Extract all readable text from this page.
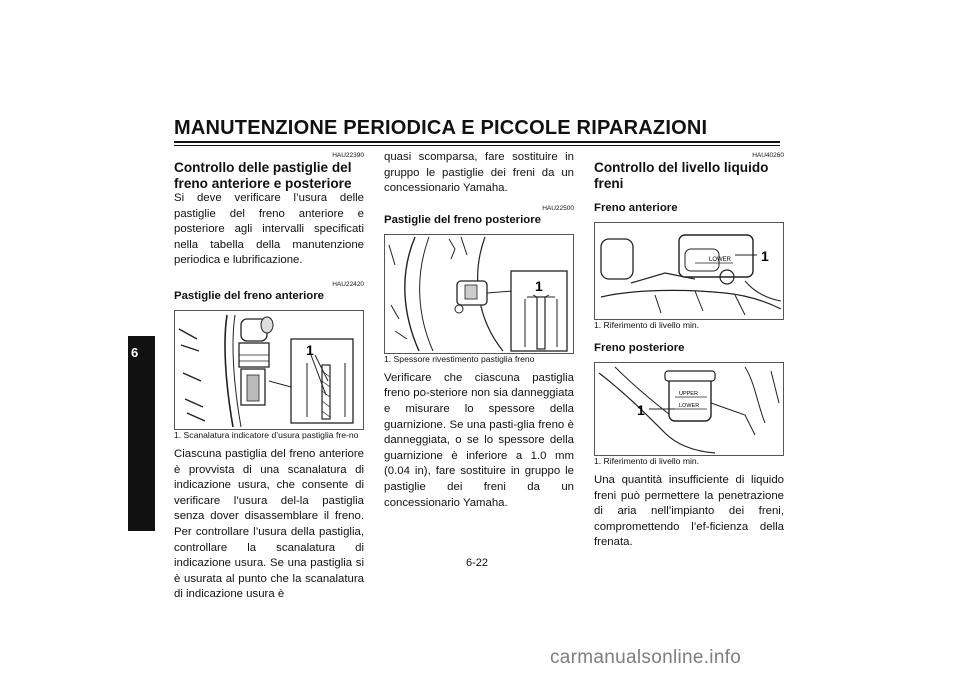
MANUTENZIONE PERIODICA E PICCOLE RIPARAZIONI
6
HAU22390
Controllo delle pastiglie del freno anteriore e posteriore

Si deve verificare l’usura delle pastiglie del freno anteriore e posteriore agli intervalli specificati nella tabella della manutenzione periodica e lubrificazione.

HAU22420
Pastiglie del freno anteriore
1

1. Scanalatura indicatore d’usura pastiglia fre-no

Ciascuna pastiglia del freno anteriore è provvista di una scanalatura di indicazione usura, che consente di verificare l’usura del-la pastiglia senza dover disassemblare il freno. Per controllare l’usura della pastiglia, controllare la scanalatura di indicazione usura. Se una pastiglia si è usurata al punto che la scanalatura di indicazione usura è

quasi scomparsa, fare sostituire in gruppo le pastiglie dei freni da un concessionario Yamaha.

HAU22500
Pastiglie del freno posteriore
1

1. Spessore rivestimento pastiglia freno

Verificare che ciascuna pastiglia freno po-steriore non sia danneggiata e misurare lo spessore della guarnizione. Se una pasti-glia freno è danneggiata, o se lo spessore della guarnizione è inferiore a 1.0 mm (0.04 in), fare sostituire in gruppo le pastiglie dei freni da un concessionario Yamaha.

HAU40260
Controllo del livello liquido freni
Freno anteriore
LOWER 1

1. Riferimento di livello min.

Freno posteriore
UPPER
LOWER
1

1. Riferimento di livello min.

Una quantità insufficiente di liquido freni può permettere la penetrazione di aria nell’impianto dei freni, compromettendo l’ef-ficienza della frenata.

6-22
carmanualsonline.info
